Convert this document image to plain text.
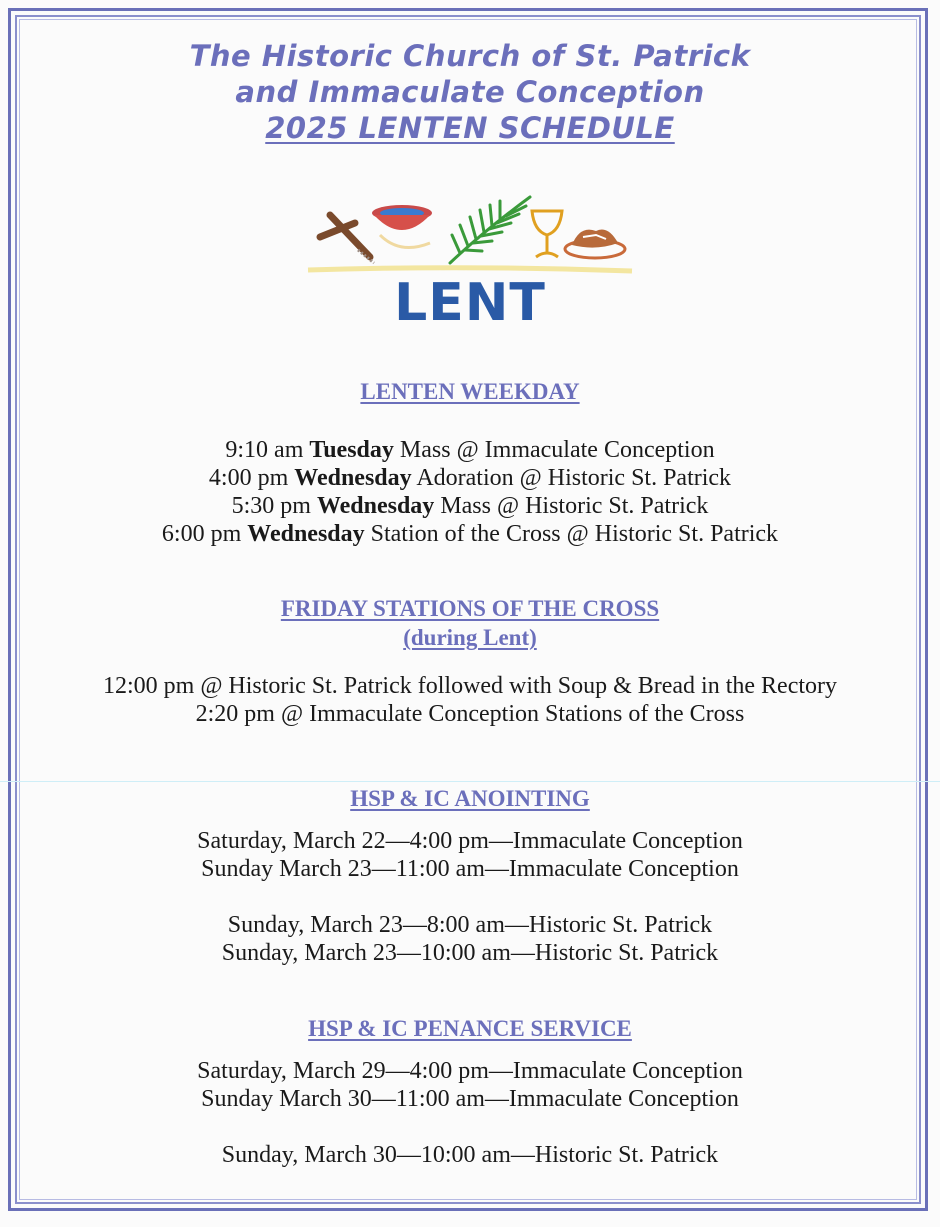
The Historic Church of St. Patrick
and Immaculate Conception
2025 LENTEN SCHEDULE
LENT
LENTEN WEEKDAY
9:10 am Tuesday Mass @ Immaculate Conception
4:00 pm Wednesday Adoration @ Historic St. Patrick
5:30 pm Wednesday Mass @ Historic St. Patrick
6:00 pm Wednesday Station of the Cross @ Historic St. Patrick
FRIDAY STATIONS OF THE CROSS
(during Lent)
12:00 pm @ Historic St. Patrick followed with Soup & Bread in the Rectory
2:20 pm @ Immaculate Conception Stations of the Cross
HSP & IC ANOINTING
Saturday, March 22—4:00 pm—Immaculate Conception
Sunday March 23—11:00 am—Immaculate Conception
Sunday, March 23—8:00 am—Historic St. Patrick
Sunday, March 23—10:00 am—Historic St. Patrick
HSP & IC PENANCE SERVICE
Saturday, March 29—4:00 pm—Immaculate Conception
Sunday March 30—11:00 am—Immaculate Conception
Sunday, March 30—10:00 am—Historic St. Patrick
